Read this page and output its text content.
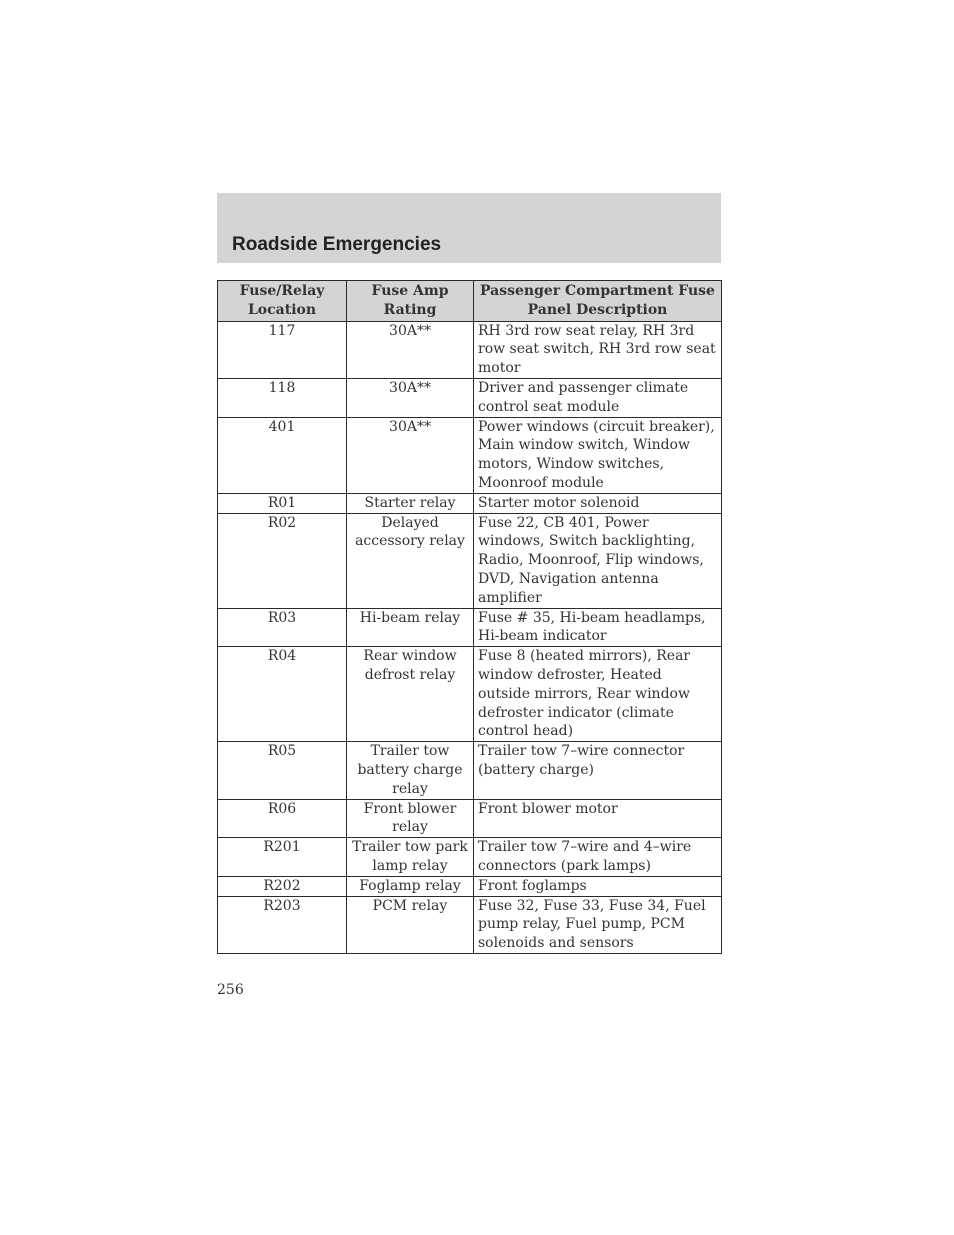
Roadside Emergencies
Fuse/Relay Location	Fuse Amp Rating	Passenger Compartment Fuse Panel Description
117	30A**	RH 3rd row seat relay, RH 3rd row seat switch, RH 3rd row seat motor
118	30A**	Driver and passenger climate control seat module
401	30A**	Power windows (circuit breaker), Main window switch, Window motors, Window switches, Moonroof module
R01	Starter relay	Starter motor solenoid
R02	Delayed accessory relay	Fuse 22, CB 401, Power windows, Switch backlighting, Radio, Moonroof, Flip windows, DVD, Navigation antenna amplifier
R03	Hi-beam relay	Fuse # 35, Hi-beam headlamps, Hi-beam indicator
R04	Rear window defrost relay	Fuse 8 (heated mirrors), Rear window defroster, Heated outside mirrors, Rear window defroster indicator (climate control head)
R05	Trailer tow battery charge relay	Trailer tow 7–wire connector (battery charge)
R06	Front blower relay	Front blower motor
R201	Trailer tow park lamp relay	Trailer tow 7–wire and 4–wire connectors (park lamps)
R202	Foglamp relay	Front foglamps
R203	PCM relay	Fuse 32, Fuse 33, Fuse 34, Fuel pump relay, Fuel pump, PCM solenoids and sensors
256
